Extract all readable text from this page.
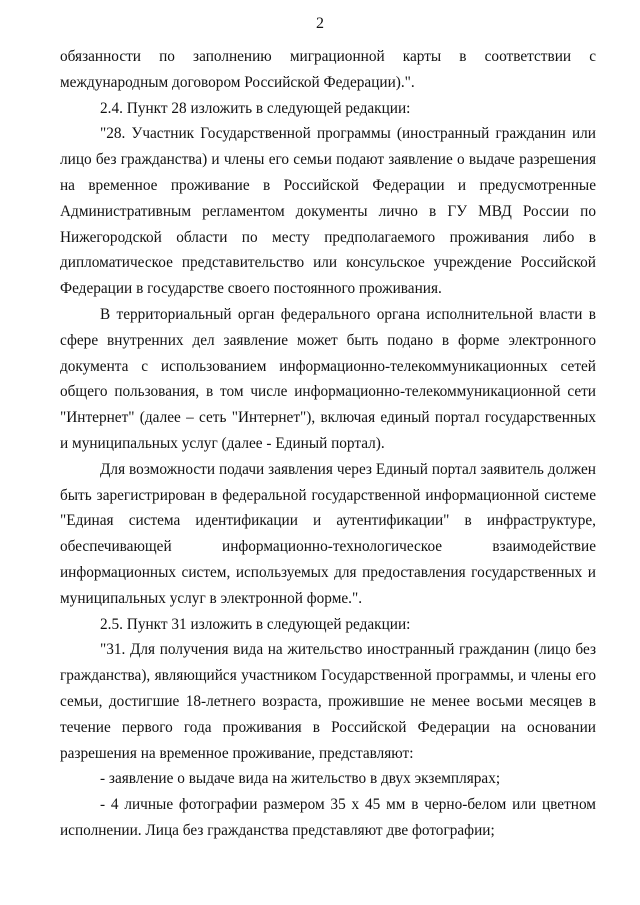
2

обязанности по заполнению миграционной карты в соответствии с международным договором Российской Федерации).".

2.4. Пункт 28 изложить в следующей редакции:

"28. Участник Государственной программы (иностранный гражданин или лицо без гражданства) и члены его семьи подают заявление о выдаче разрешения на временное проживание в Российской Федерации и предусмотренные Административным регламентом документы лично в ГУ МВД России по Нижегородской области по месту предполагаемого проживания либо в дипломатическое представительство или консульское учреждение Российской Федерации в государстве своего постоянного проживания.

В территориальный орган федерального органа исполнительной власти в сфере внутренних дел заявление может быть подано в форме электронного документа с использованием информационно-телекоммуникационных сетей общего пользования, в том числе информационно-телекоммуникационной сети "Интернет" (далее – сеть "Интернет"), включая единый портал государственных и муниципальных услуг (далее - Единый портал).

Для возможности подачи заявления через Единый портал заявитель должен быть зарегистрирован в федеральной государственной информационной системе "Единая система идентификации и аутентификации" в инфраструктуре, обеспечивающей информационно-технологическое взаимодействие информационных систем, используемых для предоставления государственных и муниципальных услуг в электронной форме.".

2.5. Пункт 31 изложить в следующей редакции:

"31. Для получения вида на жительство иностранный гражданин (лицо без гражданства), являющийся участником Государственной программы, и члены его семьи, достигшие 18-летнего возраста, прожившие не менее восьми месяцев в течение первого года проживания в Российской Федерации на основании разрешения на временное проживание, представляют:

- заявление о выдаче вида на жительство в двух экземплярах;

- 4 личные фотографии размером 35 х 45 мм в черно-белом или цветном исполнении. Лица без гражданства представляют две фотографии;
